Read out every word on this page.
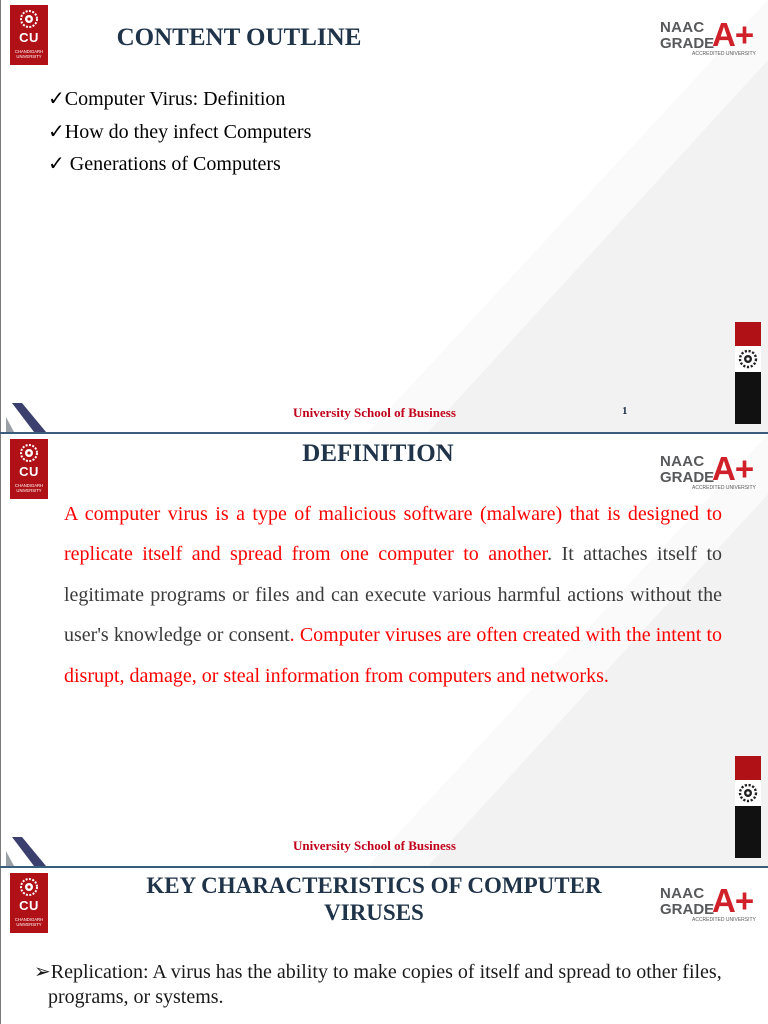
CU
CHANDIGARH UNIVERSITY
NAAC
GRADE
A+
ACCREDITED UNIVERSITY
CONTENT OUTLINE
✓Computer Virus: Definition
✓How do they infect Computers
✓ Generations of Computers
University School of Business	1
CU
CHANDIGARH UNIVERSITY
NAAC
GRADE
A+
ACCREDITED UNIVERSITY
DEFINITION
A computer virus is a type of malicious software (malware) that is designed to replicate itself and spread from one computer to another. It attaches itself to legitimate programs or files and can execute various harmful actions without the user's knowledge or consent. Computer viruses are often created with the intent to disrupt, damage, or steal information from computers and networks.
University School of Business
CU
CHANDIGARH UNIVERSITY
NAAC
GRADE
A+
ACCREDITED UNIVERSITY
KEY CHARACTERISTICS OF COMPUTER
VIRUSES
➢Replication: A virus has the ability to make copies of itself and spread to other files, programs, or systems.
